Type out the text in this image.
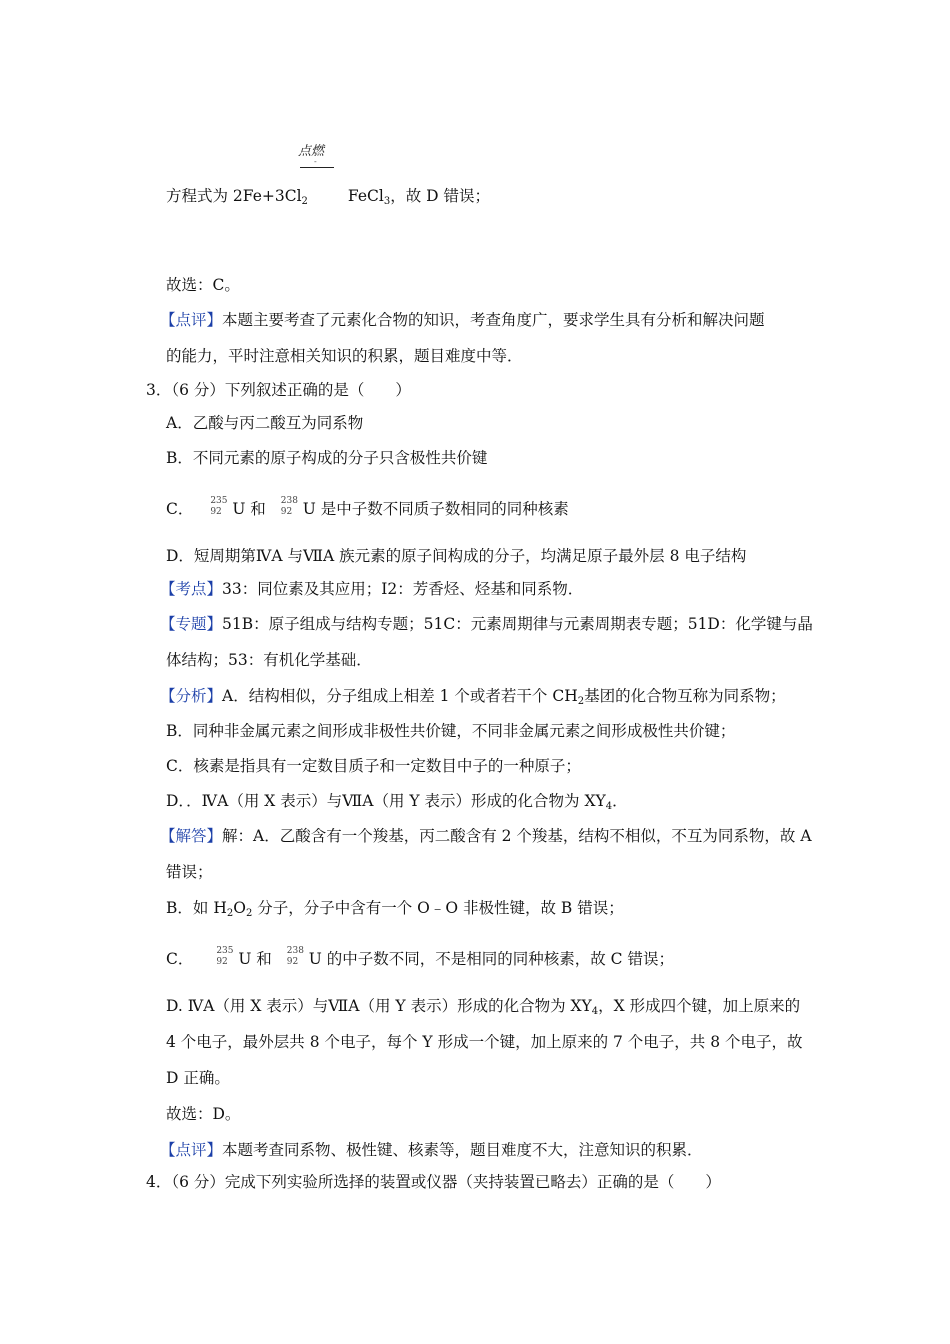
点燃
-
方程式为 $2Fe+3Cl_2$	FeCl$_3$，故 D 错误；
故选：C。
【点评】本题主要考查了元素化合物的知识，考查角度广，要求学生具有分析和解决问题
的能力，平时注意相关知识的积累，题目难度中等．
3．（6 分）下列叙述正确的是（　　）
A．乙酸与丙二酸互为同系物
B．不同元素的原子构成的分子只含极性共价键
C． 235
92 U 和 238
92 U 是中子数不同质子数相同的同种核素
D．短周期第ⅣA 与ⅦA 族元素的原子间构成的分子，均满足原子最外层 8 电子结构
【考点】33：同位素及其应用；I2：芳香烃、烃基和同系物．
【专题】51B：原子组成与结构专题；51C：元素周期律与元素周期表专题；51D：化学键与晶
体结构；53：有机化学基础．
【分析】A．结构相似，分子组成上相差 1 个或者若干个 $CH_2$基团的化合物互称为同系物；
B．同种非金属元素之间形成非极性共价键，不同非金属元素之间形成极性共价键；
C．核素是指具有一定数目质子和一定数目中子的一种原子；
D．．ⅣA（用 X 表示）与ⅦA（用 Y 表示）形成的化合物为 $XY_4$．
【解答】解：A．乙酸含有一个羧基，丙二酸含有 2 个羧基，结构不相似，不互为同系物，故 A
错误；
B．如 $H_2O_2$ 分子，分子中含有一个 O﹣O 非极性键，故 B 错误；
C．	235
92 U 和 238
92 U 的中子数不同，不是相同的同种核素，故 C 错误；
D. ⅣA（用 X 表示）与ⅦA（用 Y 表示）形成的化合物为 $XY_4$，X 形成四个键，加上原来的
4 个电子，最外层共 8 个电子，每个 Y 形成一个键，加上原来的 7 个电子，共 8 个电子，故
D 正确。
故选：D。
【点评】本题考查同系物、极性键、核素等，题目难度不大，注意知识的积累．
4．（6 分）完成下列实验所选择的装置或仪器（夹持装置已略去）正确的是（　　）
